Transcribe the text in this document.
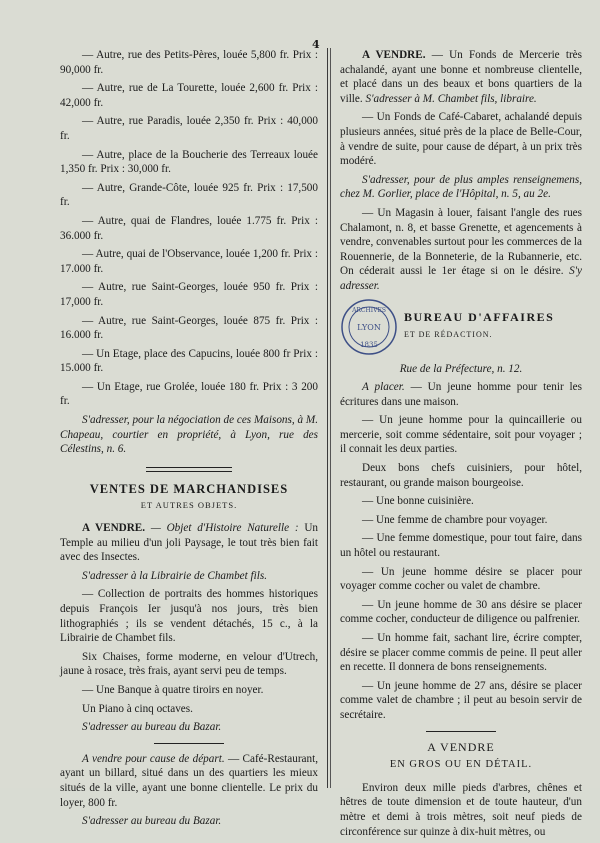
4

— Autre, rue des Petits-Pères, louée 5,800 fr. Prix : 90,000 fr.

— Autre, rue de La Tourette, louée 2,600 fr. Prix : 42,000 fr.

— Autre, rue Paradis, louée 2,350 fr. Prix : 40,000 fr.

— Autre, place de la Boucherie des Terreaux louée 1,350 fr. Prix : 30,000 fr.

— Autre, Grande-Côte, louée 925 fr. Prix : 17,500 fr.

— Autre, quai de Flandres, louée 1.775 fr. Prix : 36.000 fr.

— Autre, quai de l'Observance, louée 1,200 fr. Prix : 17.000 fr.

— Autre, rue Saint-Georges, louée 950 fr. Prix : 17,000 fr.

— Autre, rue Saint-Georges, louée 875 fr. Prix : 16.000 fr.

— Un Etage, place des Capucins, louée 800 fr Prix : 15.000 fr.

— Un Etage, rue Grolée, louée 180 fr. Prix : 3 200 fr.

S'adresser, pour la négociation de ces Maisons, à M. Chapeau, courtier en propriété, à Lyon, rue des Célestins, n. 6.

VENTES DE MARCHANDISES
ET AUTRES OBJETS.

A VENDRE. — Objet d'Histoire Naturelle : Un Temple au milieu d'un joli Paysage, le tout très bien fait avec des Insectes.

S'adresser à la Librairie de Chambet fils.

— Collection de portraits des hommes historiques depuis François Ier jusqu'à nos jours, très bien lithographiés ; ils se vendent détachés, 15 c., à la Librairie de Chambet fils.

Six Chaises, forme moderne, en velour d'Utrech, jaune à rosace, très frais, ayant servi peu de temps.

— Une Banque à quatre tiroirs en noyer.

Un Piano à cinq octaves.

S'adresser au bureau du Bazar.

A vendre pour cause de départ. — Café-Restaurant, ayant un billard, situé dans un des quartiers les mieux situés de la ville, ayant une bonne clientelle. Le prix du loyer, 800 fr.

S'adresser au bureau du Bazar.

A VENDRE. — Un Fonds de Mercerie très achalandé, ayant une bonne et nombreuse clientelle, et placé dans un des beaux et bons quartiers de la ville. S'adresser à M. Chambet fils, libraire.

— Un Fonds de Café-Cabaret, achalandé depuis plusieurs années, situé près de la place de Belle-Cour, à vendre de suite, pour cause de départ, à un prix très modéré.

S'adresser, pour de plus amples renseignemens, chez M. Gorlier, place de l'Hôpital, n. 5, au 2e.

— Un Magasin à louer, faisant l'angle des rues Chalamont, n. 8, et basse Grenette, et agencements à vendre, convenables surtout pour les commerces de la Rouennerie, de la Bonneterie, de la Rubannerie, etc. On céderait aussi le 1er étage si on le désire. S'y adresser.

ARCHIVES
LYON
1835
BUREAU D'AFFAIRES
ET DE RÉDACTION.

Rue de la Préfecture, n. 12.

A placer. — Un jeune homme pour tenir les écritures dans une maison.

— Un jeune homme pour la quincaillerie ou mercerie, soit comme sédentaire, soit pour voyager ; il connait les deux parties.

Deux bons chefs cuisiniers, pour hôtel, restaurant, ou grande maison bourgeoise.

— Une bonne cuisinière.

— Une femme de chambre pour voyager.

— Une femme domestique, pour tout faire, dans un hôtel ou restaurant.

— Un jeune homme désire se placer pour voyager comme cocher ou valet de chambre.

— Un jeune homme de 30 ans désire se placer comme cocher, conducteur de diligence ou palfrenier.

— Un homme fait, sachant lire, écrire compter, désire se placer comme commis de peine. Il peut aller en recette. Il donnera de bons renseignements.

— Un jeune homme de 27 ans, désire se placer comme valet de chambre ; il peut au besoin servir de secrétaire.

A VENDRE
EN GROS OU EN DÉTAIL.

Environ deux mille pieds d'arbres, chênes et hêtres de toute dimension et de toute hauteur, d'un mètre et demi à trois mètres, soit neuf pieds de circonférence sur quinze à dix-huit mètres, ou
